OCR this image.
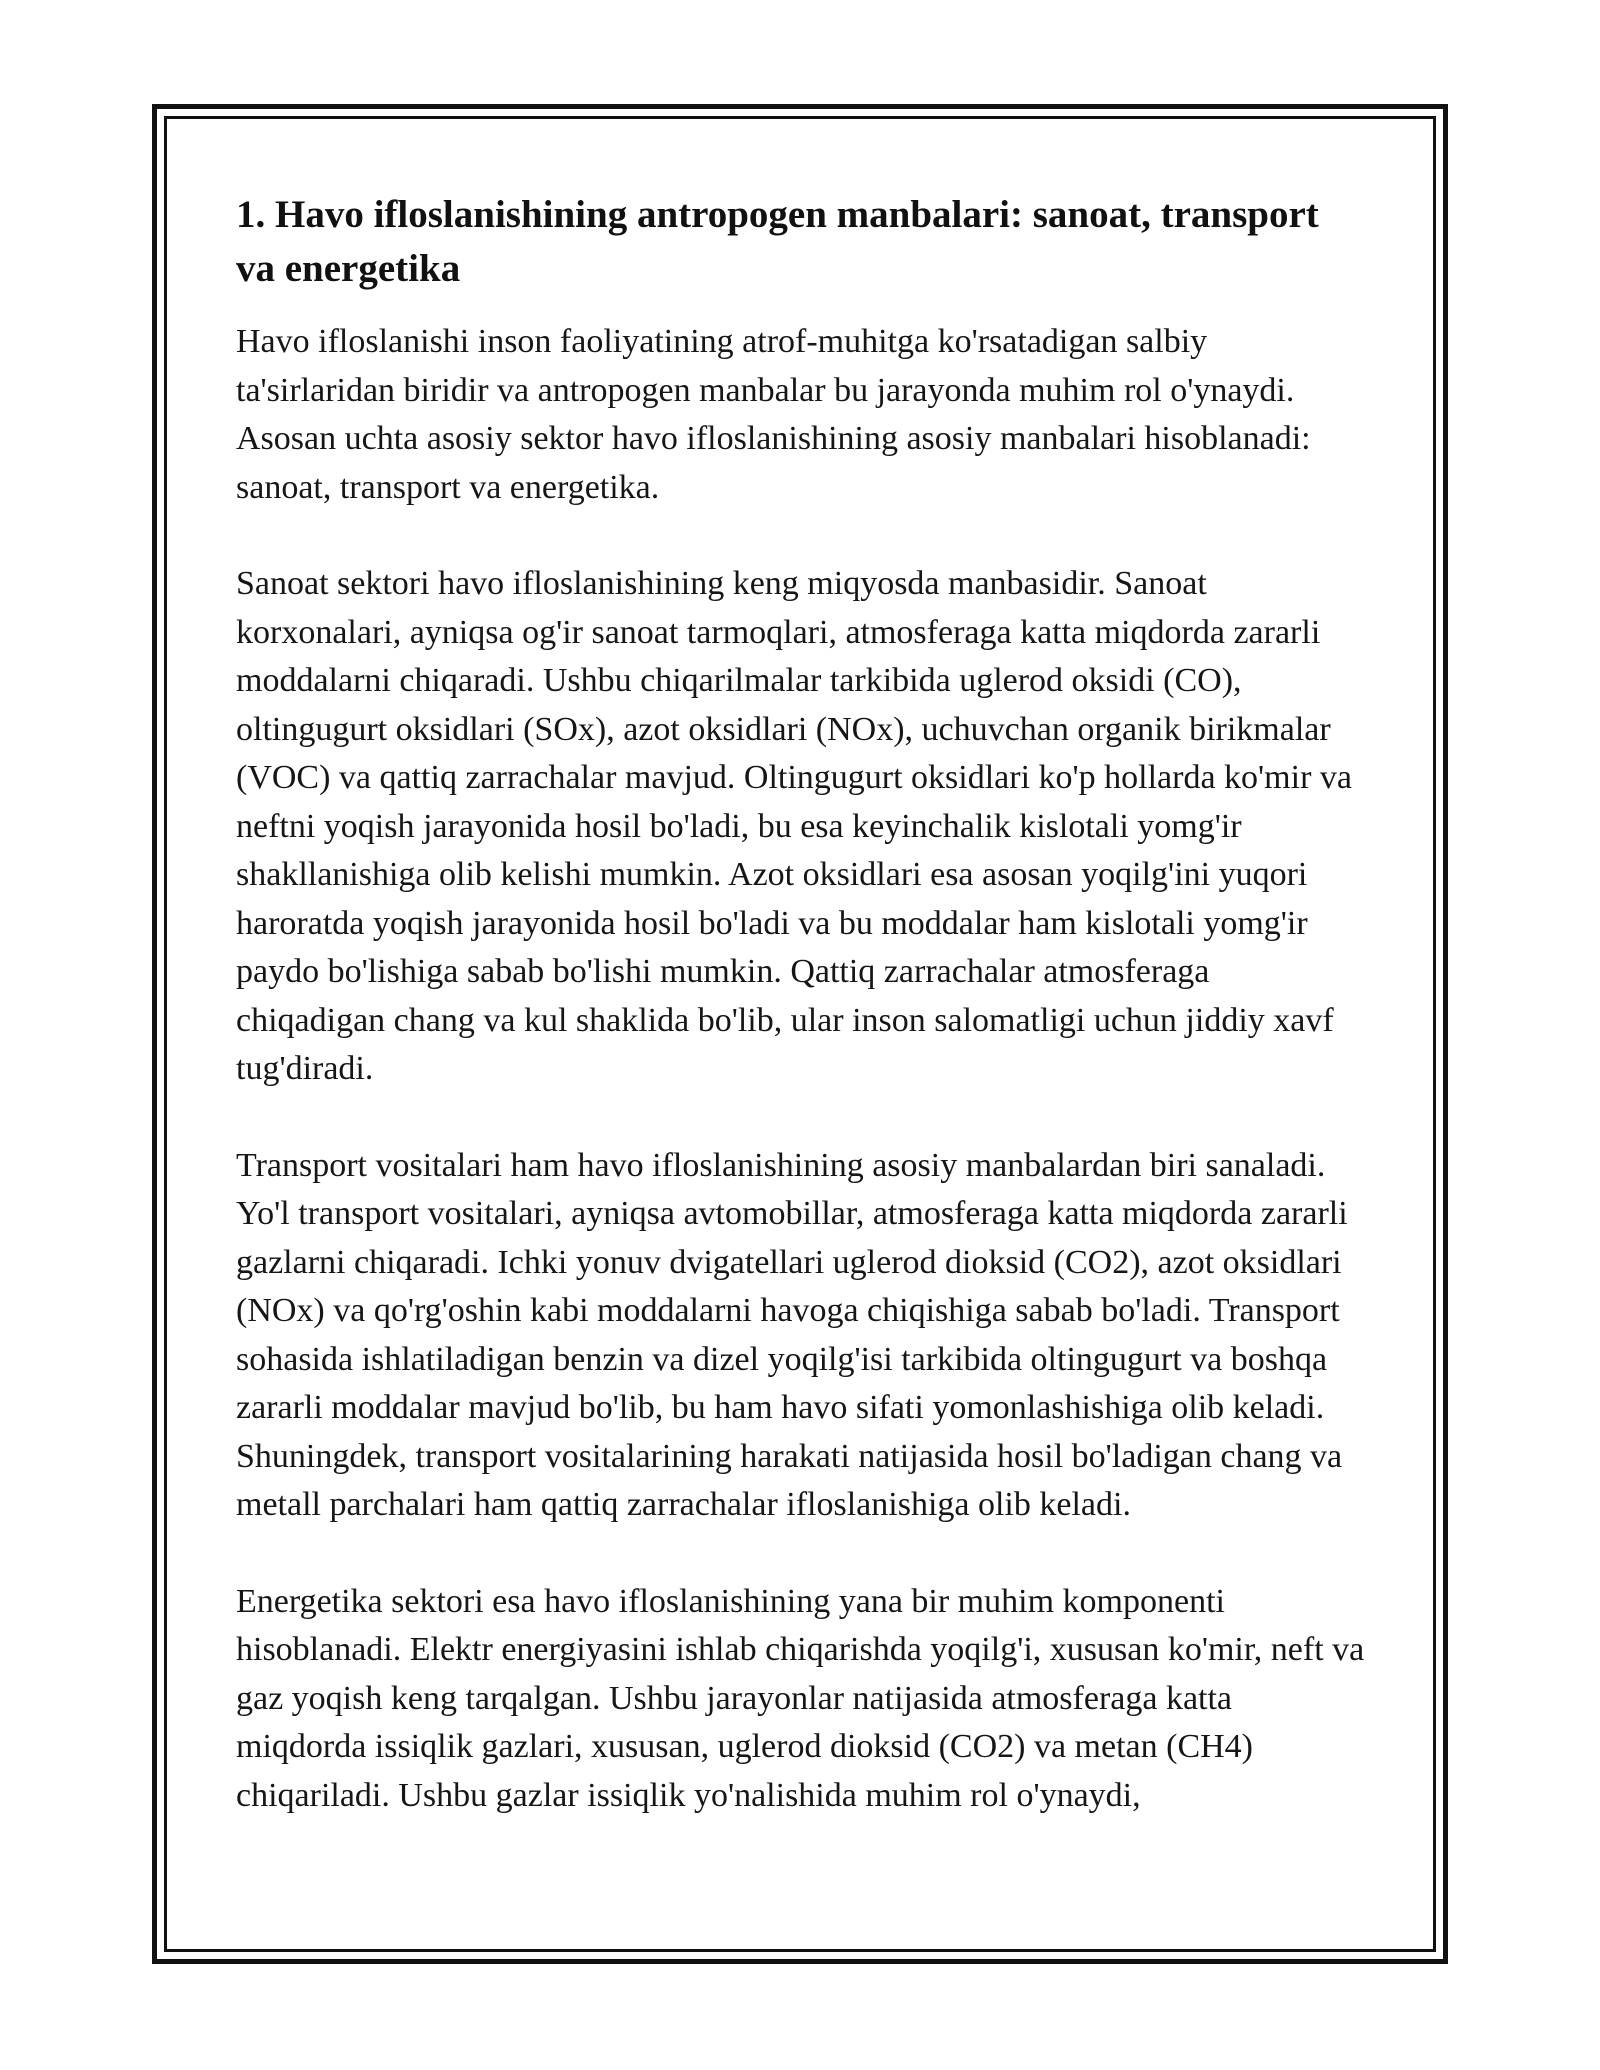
1. Havo ifloslanishining antropogen manbalari: sanoat, transport va energetika

Havo ifloslanishi inson faoliyatining atrof-muhitga ko'rsatadigan salbiy ta'sirlaridan biridir va antropogen manbalar bu jarayonda muhim rol o'ynaydi. Asosan uchta asosiy sektor havo ifloslanishining asosiy manbalari hisoblanadi: sanoat, transport va energetika.

Sanoat sektori havo ifloslanishining keng miqyosda manbasidir. Sanoat korxonalari, ayniqsa og'ir sanoat tarmoqlari, atmosferaga katta miqdorda zararli moddalarni chiqaradi. Ushbu chiqarilmalar tarkibida uglerod oksidi (CO), oltingugurt oksidlari (SOx), azot oksidlari (NOx), uchuvchan organik birikmalar (VOC) va qattiq zarrachalar mavjud. Oltingugurt oksidlari ko'p hollarda ko'mir va neftni yoqish jarayonida hosil bo'ladi, bu esa keyinchalik kislotali yomg'ir shakllanishiga olib kelishi mumkin. Azot oksidlari esa asosan yoqilg'ini yuqori haroratda yoqish jarayonida hosil bo'ladi va bu moddalar ham kislotali yomg'ir paydo bo'lishiga sabab bo'lishi mumkin. Qattiq zarrachalar atmosferaga chiqadigan chang va kul shaklida bo'lib, ular inson salomatligi uchun jiddiy xavf tug'diradi.

Transport vositalari ham havo ifloslanishining asosiy manbalardan biri sanaladi. Yo'l transport vositalari, ayniqsa avtomobillar, atmosferaga katta miqdorda zararli gazlarni chiqaradi. Ichki yonuv dvigatellari uglerod dioksid (CO2), azot oksidlari (NOx) va qo'rg'oshin kabi moddalarni havoga chiqishiga sabab bo'ladi. Transport sohasida ishlatiladigan benzin va dizel yoqilg'isi tarkibida oltingugurt va boshqa zararli moddalar mavjud bo'lib, bu ham havo sifati yomonlashishiga olib keladi. Shuningdek, transport vositalarining harakati natijasida hosil bo'ladigan chang va metall parchalari ham qattiq zarrachalar ifloslanishiga olib keladi.

Energetika sektori esa havo ifloslanishining yana bir muhim komponenti hisoblanadi. Elektr energiyasini ishlab chiqarishda yoqilg'i, xususan ko'mir, neft va gaz yoqish keng tarqalgan. Ushbu jarayonlar natijasida atmosferaga katta miqdorda issiqlik gazlari, xususan, uglerod dioksid (CO2) va metan (CH4) chiqariladi. Ushbu gazlar issiqlik yo'nalishida muhim rol o'ynaydi,
